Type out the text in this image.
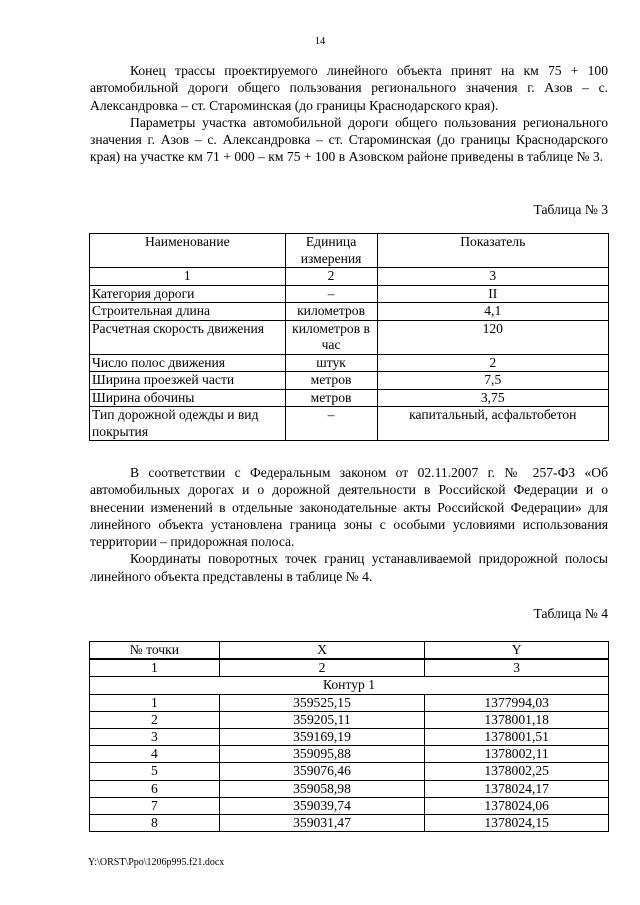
14

Конец трассы проектируемого линейного объекта принят на км 75 + 100 автомобильной дороги общего пользования регионального значения г. Азов – с. Александровка – ст. Староминская (до границы Краснодарского края).

Параметры участка автомобильной дороги общего пользования регионального значения г. Азов – с. Александровка – ст. Староминская (до границы Краснодарского края) на участке км 71 + 000 – км 75 + 100 в Азовском районе приведены в таблице № 3.

Таблица № 3
Наименование	Единица измерения	Показатель
1	2	3
Категория дороги	–	II
Строительная длина	километров	4,1
Расчетная скорость движения	километров в час	120
Число полос движения	штук	2
Ширина проезжей части	метров	7,5
Ширина обочины	метров	3,75
Тип дорожной одежды и вид покрытия	–	капитальный, асфальтобетон

В соответствии с Федеральным законом от 02.11.2007 г. № 257-ФЗ «Об автомобильных дорогах и о дорожной деятельности в Российской Федерации и о внесении изменений в отдельные законодательные акты Российской Федерации» для линейного объекта установлена граница зоны с особыми условиями использования территории – придорожная полоса.

Координаты поворотных точек границ устанавливаемой придорожной полосы линейного объекта представлены в таблице № 4.

Таблица № 4
№ точки	X	Y
1	2	3
Контур 1		
1	359525,15	1377994,03
2	359205,11	1378001,18
3	359169,19	1378001,51
4	359095,88	1378002,11
5	359076,46	1378002,25
6	359058,98	1378024,17
7	359039,74	1378024,06
8	359031,47	1378024,15
Y:\ORST\Ppo\1206p995.f21.docx
